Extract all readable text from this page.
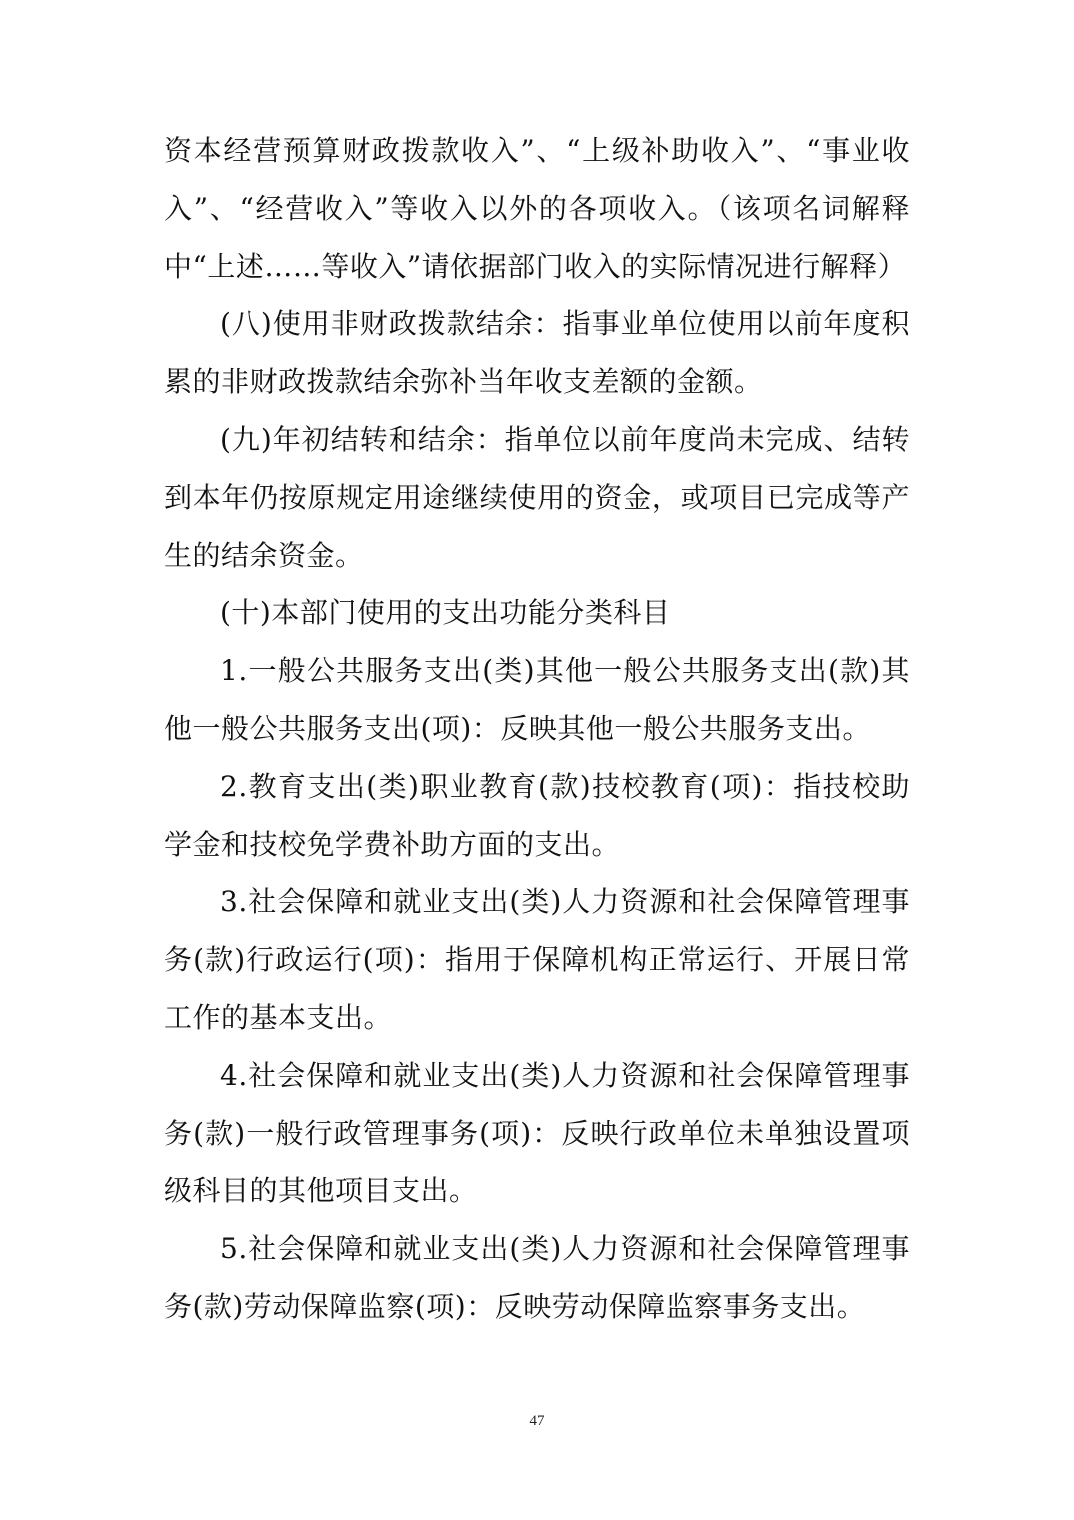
资本经营预算财政拨款收入”、“上级补助收入”、“事业收入”、“经营收入”等收入以外的各项收入。（该项名词解释中“上述……等收入”请依据部门收入的实际情况进行解释）

(八)使用非财政拨款结余：指事业单位使用以前年度积累的非财政拨款结余弥补当年收支差额的金额。

(九)年初结转和结余：指单位以前年度尚未完成、结转到本年仍按原规定用途继续使用的资金，或项目已完成等产生的结余资金。

(十)本部门使用的支出功能分类科目

1.一般公共服务支出(类)其他一般公共服务支出(款)其他一般公共服务支出(项)：反映其他一般公共服务支出。

2.教育支出(类)职业教育(款)技校教育(项)：指技校助学金和技校免学费补助方面的支出。

3.社会保障和就业支出(类)人力资源和社会保障管理事务(款)行政运行(项)：指用于保障机构正常运行、开展日常工作的基本支出。

4.社会保障和就业支出(类)人力资源和社会保障管理事务(款)一般行政管理事务(项)：反映行政单位未单独设置项级科目的其他项目支出。

5.社会保障和就业支出(类)人力资源和社会保障管理事务(款)劳动保障监察(项)：反映劳动保障监察事务支出。

47
